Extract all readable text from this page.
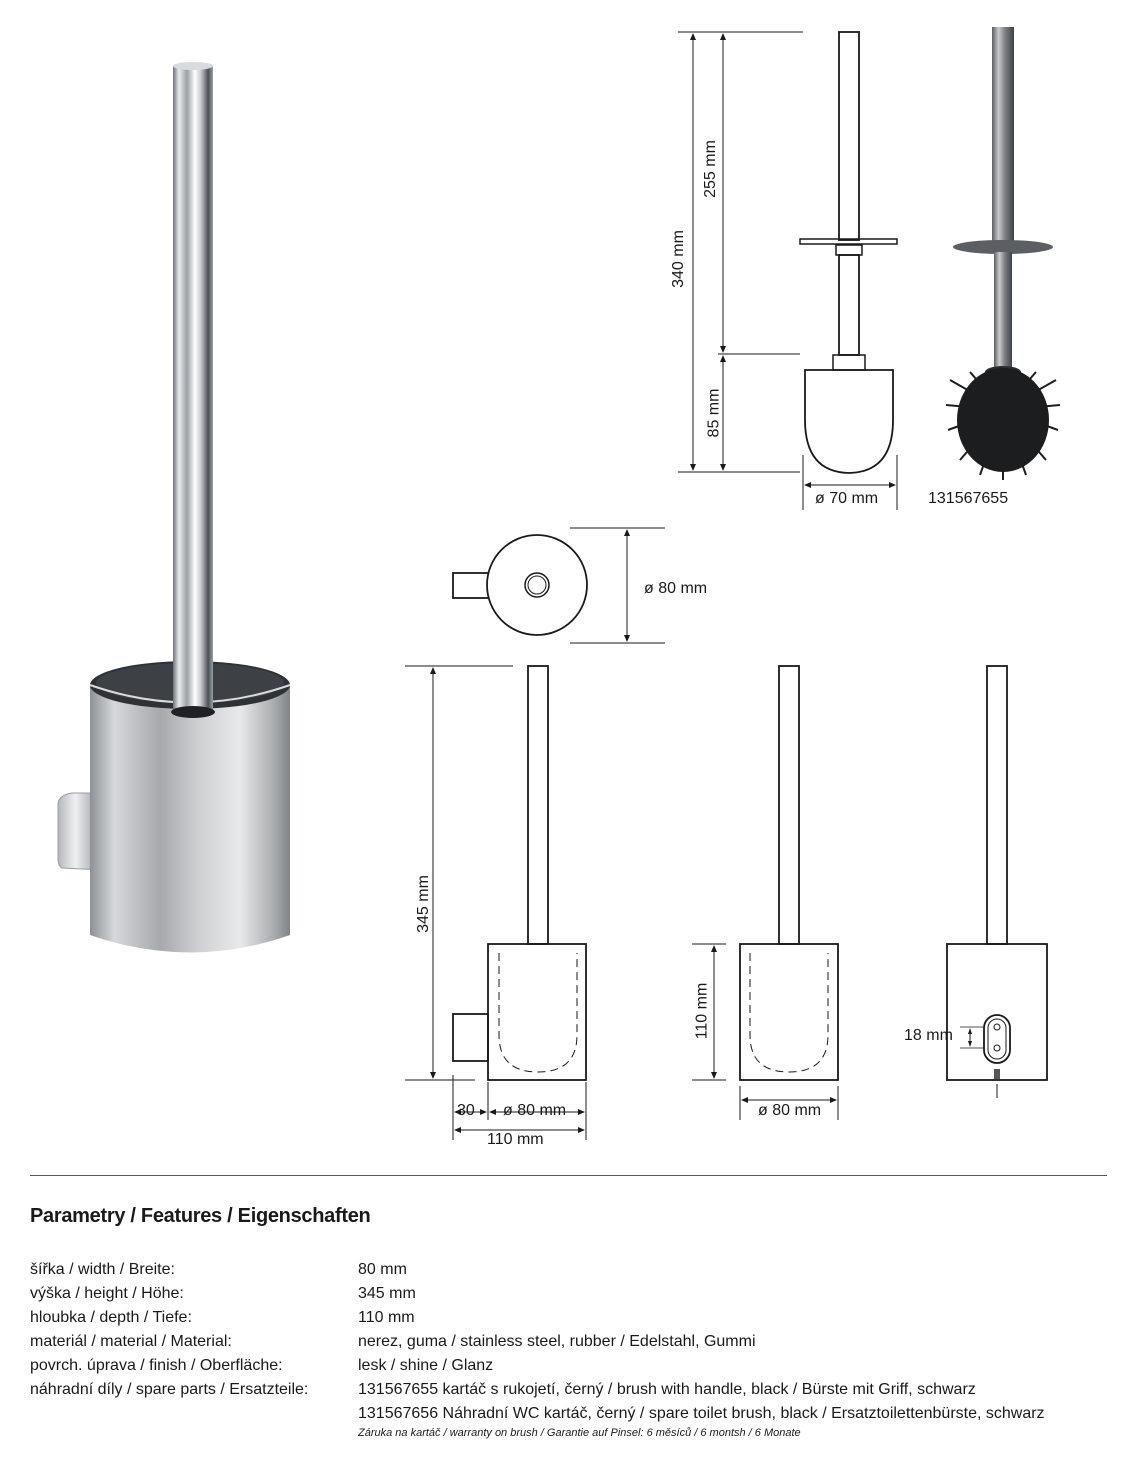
340 mm
255 mm
85 mm
ø 70 mm	131567655
ø 80 mm
345 mm
30 ø 80 mm
110 mm
110 mm
ø 80 mm
18 mm
Parametry / Features / Eigenschaften
šířka / width / Breite:	80 mm
výška / height / Höhe:	345 mm
hloubka / depth / Tiefe:	110 mm
materiál / material / Material:	nerez, guma / stainless steel, rubber / Edelstahl, Gummi
povrch. úprava / finish / Oberfläche:	lesk / shine / Glanz
náhradní díly / spare parts / Ersatzteile:	131567655 kartáč s rukojetí, černý / brush with handle, black / Bürste mit Griff, schwarz
131567656 Náhradní WC kartáč, černý / spare toilet brush, black / Ersatztoilettenbürste, schwarz
Záruka na kartáč / warranty on brush / Garantie auf Pinsel: 6 měsíců / 6 montsh / 6 Monate
